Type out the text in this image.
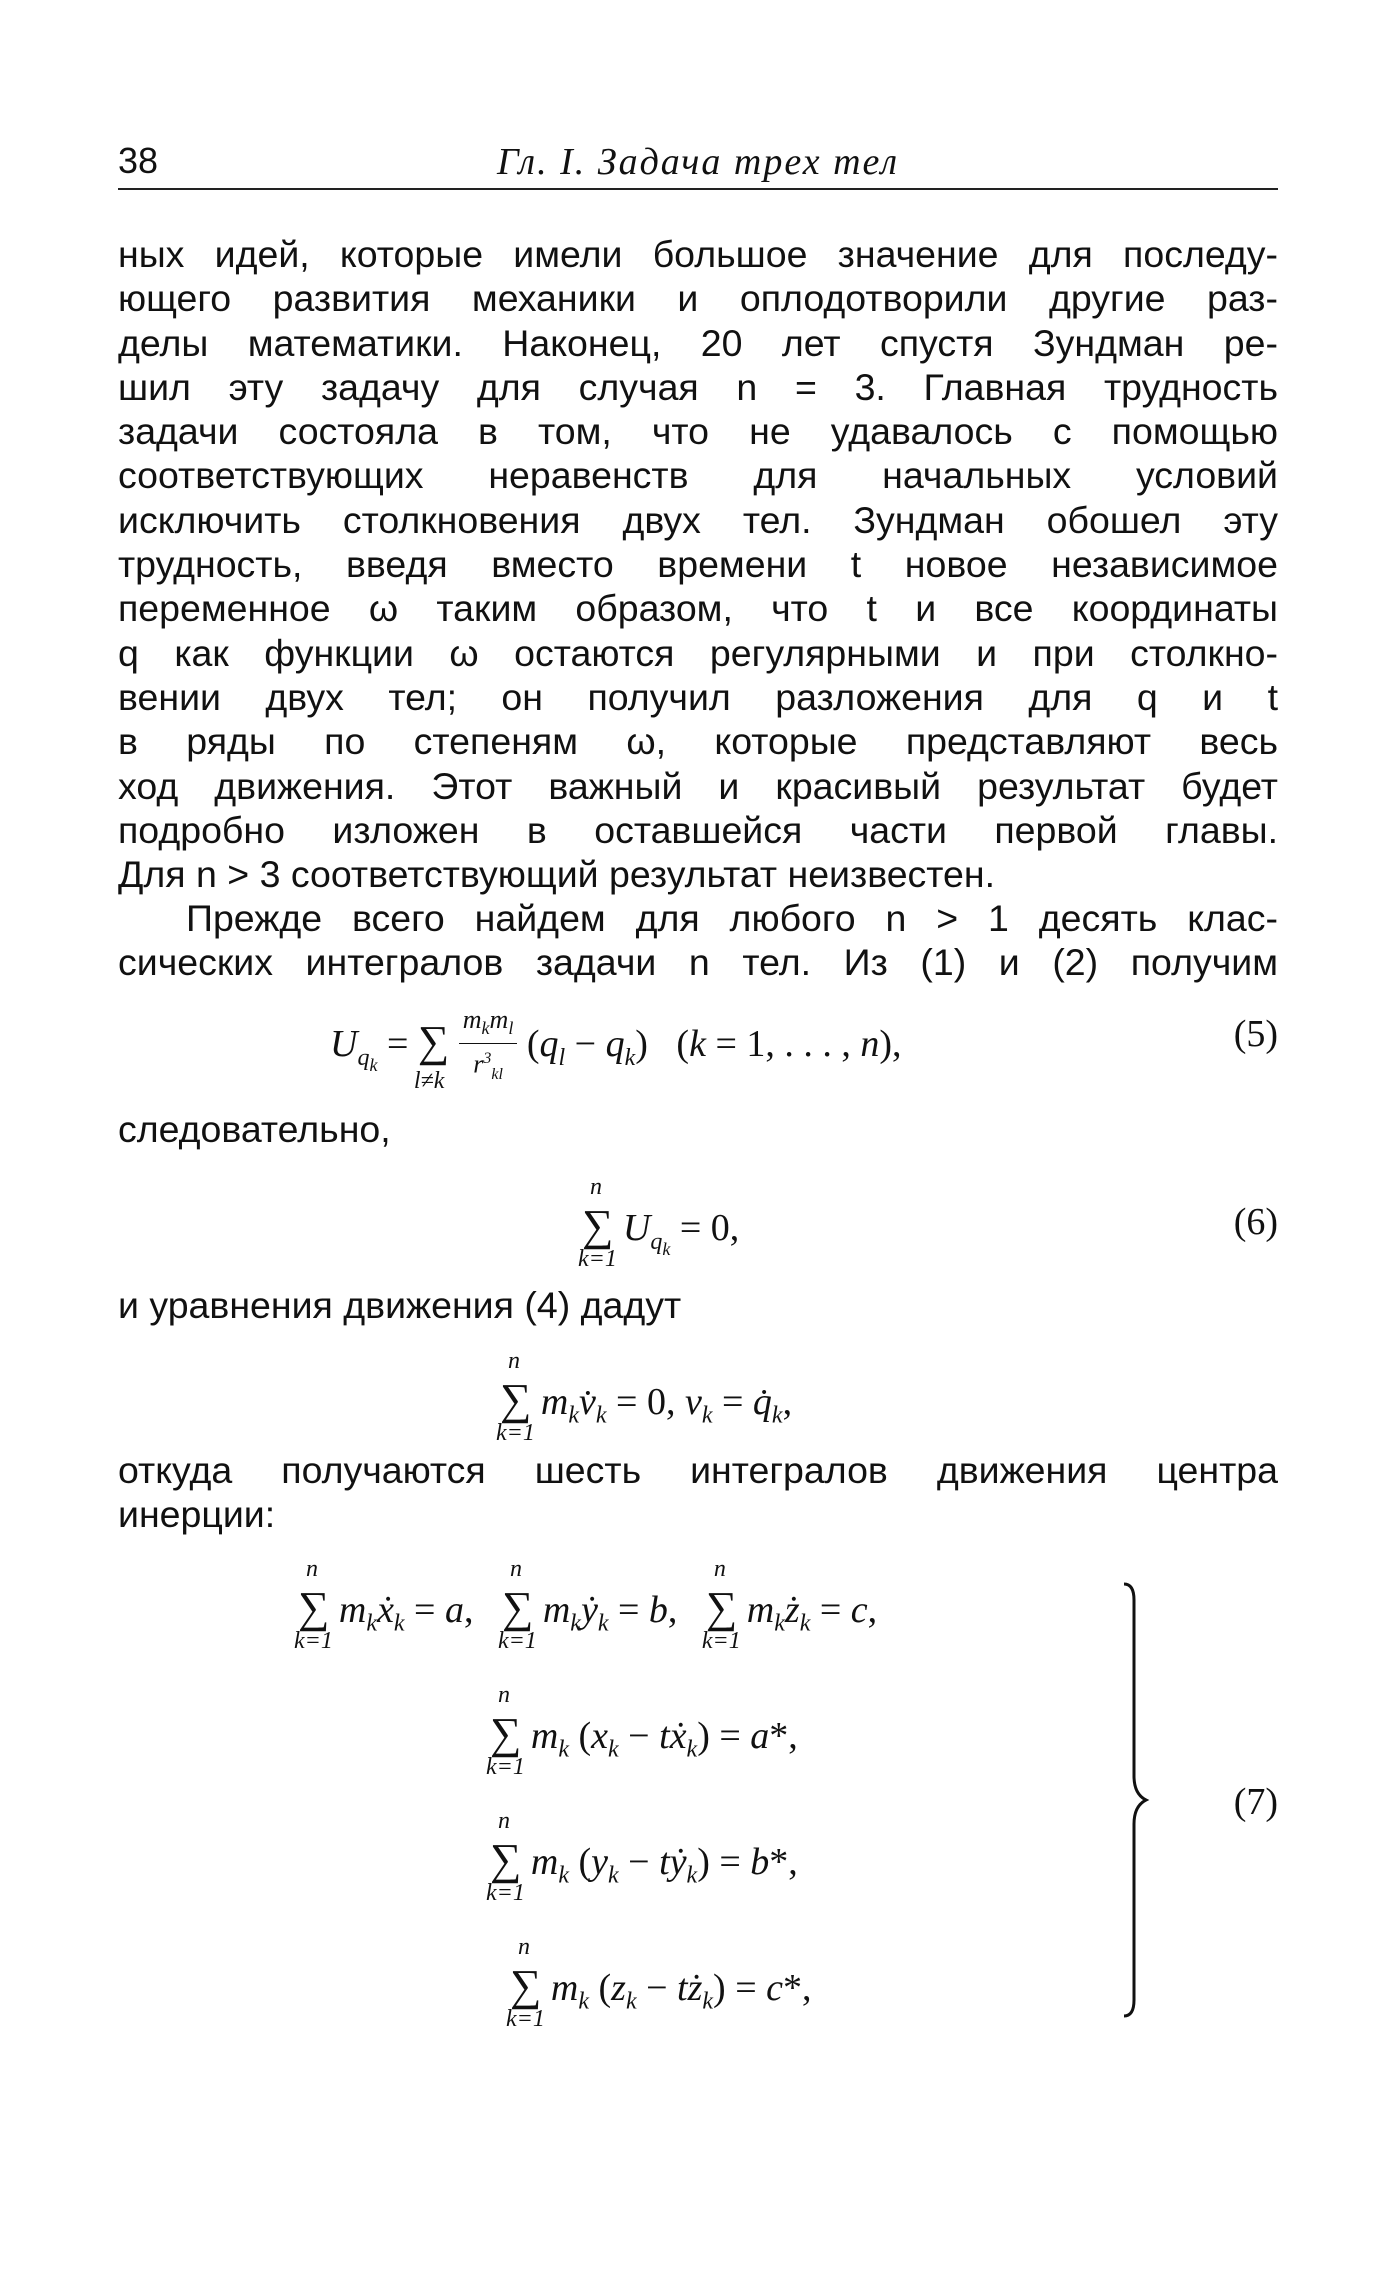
Гл. I. Задача трех тел
38

ных идей, которые имели большое значение для последу-

ющего развития механики и оплодотворили другие раз-

делы математики. Наконец, 20 лет спустя Зундман ре-

шил эту задачу для случая n = 3. Главная трудность

задачи состояла в том, что не удавалось с помощью

соответствующих неравенств для начальных условий

исключить столкновения двух тел. Зундман обошел эту

трудность, введя вместо времени t новое независимое

переменное ω таким образом, что t и все координаты

q как функции ω остаются регулярными и при столкно-

вении двух тел; он получил разложения для q и t

в ряды по степеням ω, которые представляют весь

ход движения. Этот важный и красивый результат будет

подробно изложен в оставшейся части первой главы.

Для n > 3 соответствующий результат неизвестен.

Прежде всего найдем для любого n > 1 десять клас-

сических интегралов задачи n тел. Из (1) и (2) получим

$U_{q_k}$ = ∑
l≠k
$\frac{m_km_l}{r^3_{kl}} (q_l - q_k) (k = 1$, . . . , n),	(5)
следовательно,
∑
n
k=1
$U_{q_k} = 0$,	(6)
и уравнения движения (4) дадут
∑
n
k=1
$m_kv̇_k = 0$, $v_k$ = $q̇_k$,

откуда получаются шесть интегралов движения центра

инерции:

∑
n
k=1
$m_kẋ_k = a$,   ∑
n
k=1
$m_kẏ_k = b$,   ∑
n
k=1
$m_kż_k = c$,
∑
n
k=1
$m_k$ ($x_k$ − tẋ$_k$) = a*,
∑
n
k=1
$m_k$ ($y_k$ − tẏ$_k$) = b*,
∑
n
k=1
$m_k$ ($z_k$ − $tż_k) = c*$,
(7)
